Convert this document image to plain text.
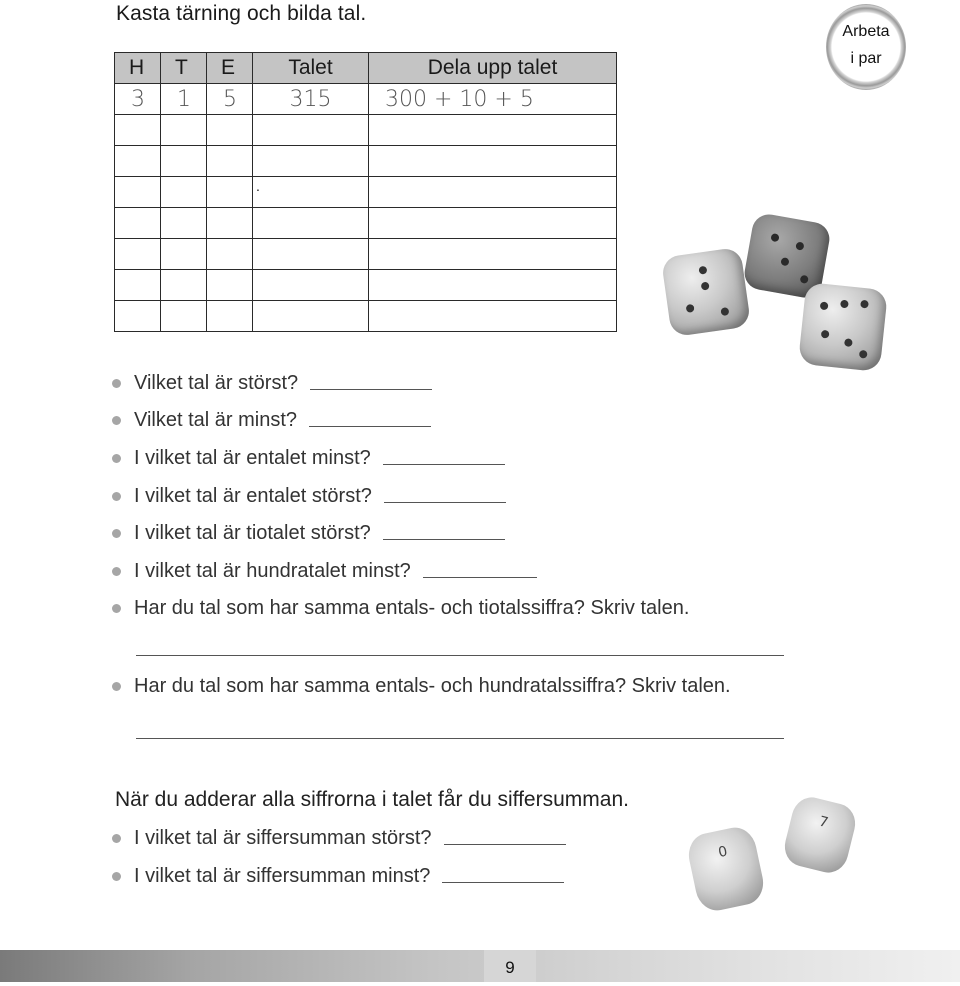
Kasta tärning och bilda tal.
Arbeta
i par
H	T	E	Talet	Dela upp talet
3	1	5	315	300 + 10 + 5

.
Vilket tal är störst?
Vilket tal är minst?
I vilket tal är entalet minst?
I vilket tal är entalet störst?
I vilket tal är tiotalet störst?
I vilket tal är hundratalet minst?
Har du tal som har samma entals- och tiotalssiffra? Skriv talen.
Har du tal som har samma entals- och hundratalssiffra? Skriv talen.
När du adderar alla siffrorna i talet får du siffersumman.
I vilket tal är siffersumman störst?
I vilket tal är siffersumman minst?
0
7
9
